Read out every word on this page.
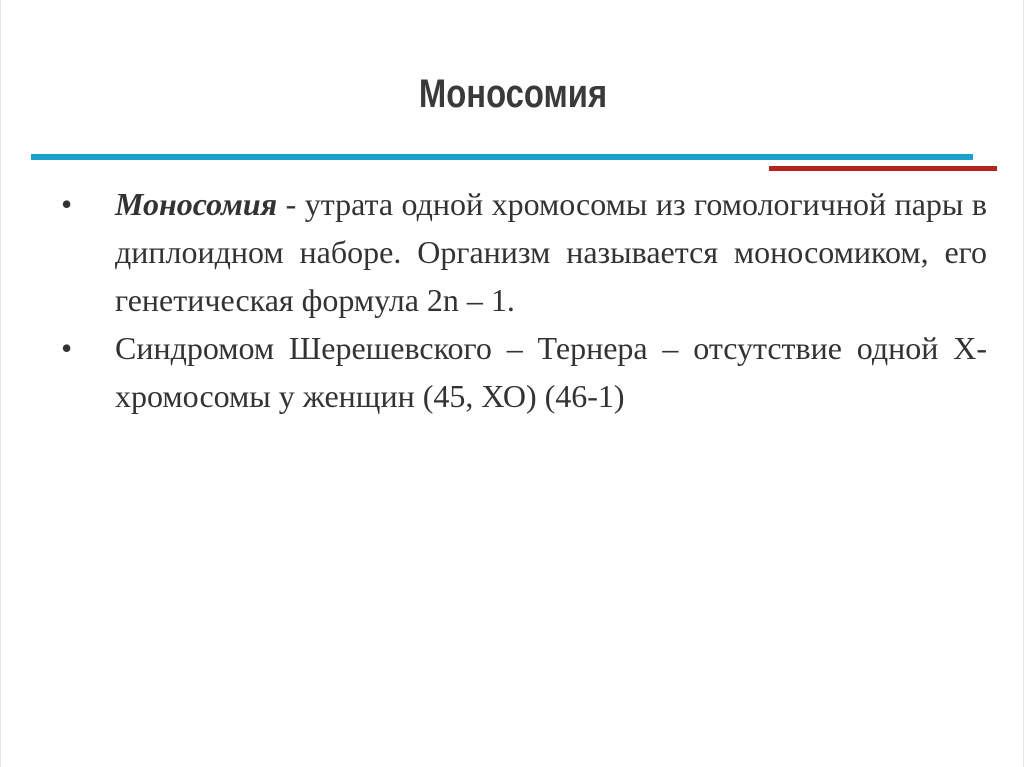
Моносомия
• Моносомия - утрата одной хромосомы из гомологичной пары в диплоидном наборе. Организм называется моносомиком, его генетическая формула 2n – 1.
• Синдромом Шерешевского – Тернера – отсутствие одной Х-хромосомы у женщин (45, ХО) (46-1)
